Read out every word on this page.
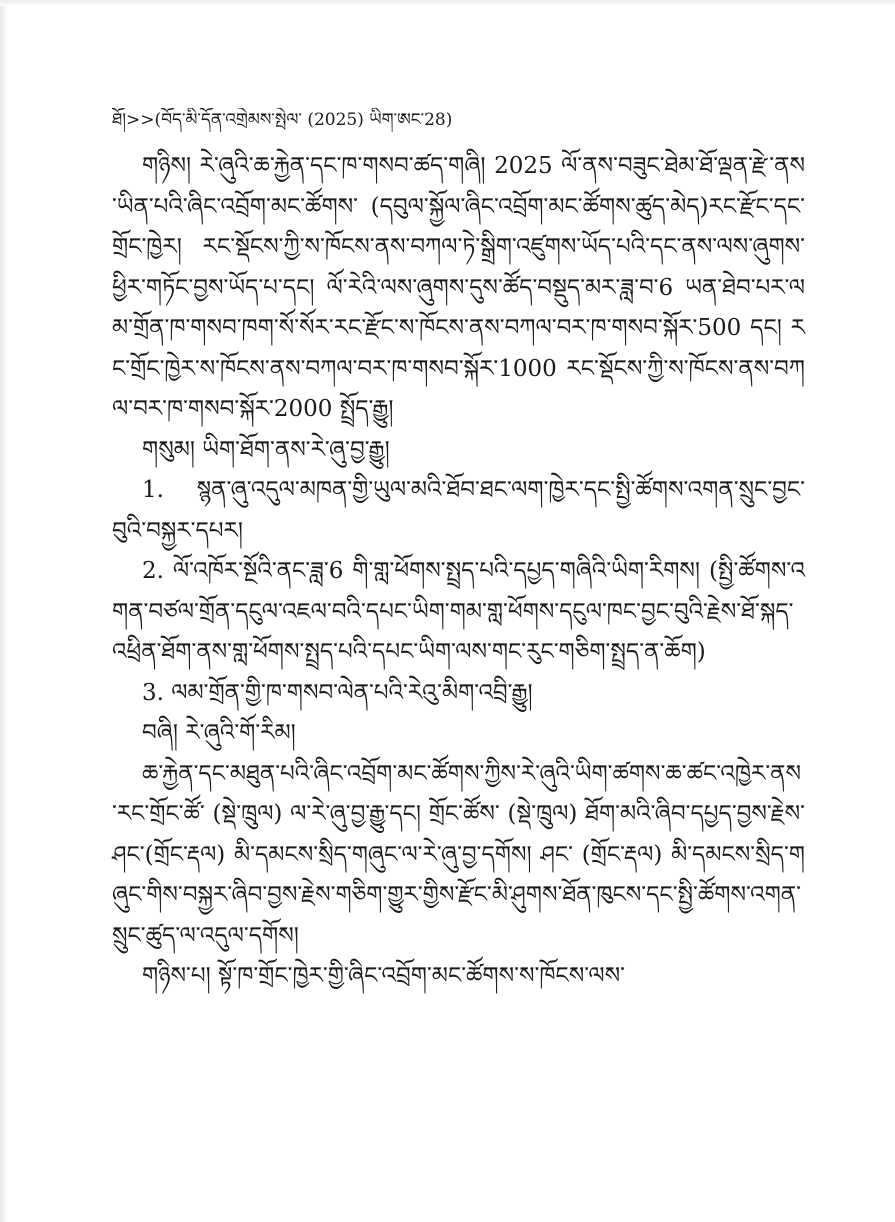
ཐོ།>>(བོད་མི་དོན་འགྲེམས་སྤེལ་ (2025) ཡིག་ཨང་28)

གཉིས། རེ་ཞུའི་ཆ་རྐྱེན་དང་ཁ་གསབ་ཚད་གཞི། 2025 ལོ་ནས་བཟུང་ཐེམ་ཐོ་ལྡན་རྫེ་ནས་ཡིན་པའི་ཞིང་འབྲོག་མང་ཚོགས་ (དབུལ་སྐྱོལ་ཞིང་འབྲོག་མང་ཚོགས་ཚུད་མེད)རང་རྫོང་དང་གྲོང་ཁྱེར། རང་སྡོངས་ཀྱི་ས་ཁོངས་ནས་བཀལ་ཏེ་སྒྲིག་འཛུགས་ཡོད་པའི་དང་ནས་ལས་ཞུགས་ཕྱིར་གཏོང་བྱས་ཡོད་པ་དང། ལོ་རེའི་ལས་ཞུགས་དུས་ཚོད་བསྡུད་མར་ཟླ་བ་6 ཡན་ཐེབ་པར་ལམ་གྲོན་ཁ་གསབ་ཁག་སོ་སོར་རང་རྫོང་ས་ཁོངས་ནས་བཀལ་བར་ཁ་གསབ་སྐོར་500 དང། རང་གྲོང་ཁྱེར་ས་ཁོངས་ནས་བཀལ་བར་ཁ་གསབ་སྐོར་1000 རང་སྡོངས་ཀྱི་ས་ཁོངས་ནས་བཀལ་བར་ཁ་གསབ་སྐོར་2000 སྤྲོད་རྒྱུ།

གསུམ། ཡིག་ཐོག་ནས་རེ་ཞུ་བྱ་རྒྱུ།

1. སྙན་ཞུ་འདུལ་མཁན་གྱི་ཡུལ་མའི་ཐོབ་ཐང་ལག་ཁྱེར་དང་སྤྱི་ཚོགས་འགན་སྲུང་བྱང་བུའི་བསྐྱར་དཔར།

2. ལོ་འཁོར་སྔོའི་ནང་ཟླ་6 གི་གླ་ཕོགས་སྤྲད་པའི་དཔྱད་གཞིའི་ཡིག་རིགས། (སྤྱི་ཚོགས་འགན་བཙལ་གྲོན་དངུལ་འཇལ་བའི་དཔང་ཡིག་གམ་གླ་ཕོགས་དངུལ་ཁང་བྱང་བུའི་རྗེས་ཐོ་སྐད་འཕྲིན་ཐོག་ནས་གླ་ཕོགས་སྤྲད་པའི་དཔང་ཡིག་ལས་གང་རུང་གཅིག་སྤྲད་ན་ཆོག)

3. ལམ་གྲོན་གྱི་ཁ་གསབ་ལེན་པའི་རེའུ་མིག་འབྲི་རྒྱུ།

བཞི། རེ་ཞུའི་གོ་རིམ།

ཆ་རྐྱེན་དང་མཐུན་པའི་ཞིང་འབྲོག་མང་ཚོགས་ཀྱིས་རེ་ཞུའི་ཡིག་ཚགས་ཆ་ཚང་འཁྱེར་ནས་རང་གྲོང་ཚོ་ (སྡེ་ཁྲུལ) ལ་རེ་ཞུ་བྱ་རྒྱུ་དང། གྲོང་ཚོས་ (སྡེ་ཁྲུལ) ཐོག་མའི་ཞིབ་དཔྱད་བྱས་རྗེས་ཤང་(གྲོང་རྡལ) མི་དམངས་སྲིད་གཞུང་ལ་རེ་ཞུ་བྱ་དགོས། ཤང་ (གྲོང་རྡལ) མི་དམངས་སྲིད་གཞུང་གིས་བསྐྱར་ཞིབ་བྱས་རྗེས་གཅིག་གྱུར་གྱིས་རྫོང་མི་ཤུགས་ཐོན་ཁུངས་དང་སྤྱི་ཚོགས་འགན་སྲུང་ཚུད་ལ་འདུལ་དགོས།

གཉིས་པ། སྟོ་ཁ་གྲོང་ཁྱེར་གྱི་ཞིང་འབྲོག་མང་ཚོགས་ས་ཁོངས་ལས་
